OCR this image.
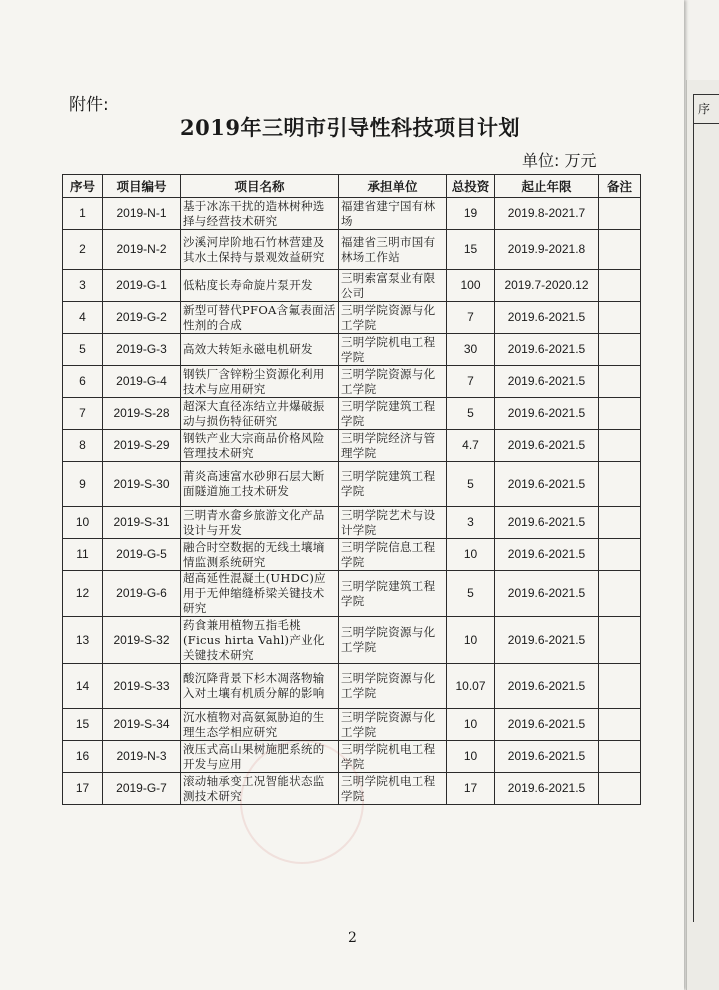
附件:
2019年三明市引导性科技项目计划
单位: 万元
序号	项目编号	项目名称	承担单位	总投资	起止年限	备注
1	2019-N-1	基于冰冻干扰的造林树种选择与经营技术研究	福建省建宁国有林场	19	2019.8-2021.7	
2	2019-N-2	沙溪河岸阶地石竹林营建及其水土保持与景观效益研究	福建省三明市国有林场工作站	15	2019.9-2021.8	
3	2019-G-1	低粘度长寿命旋片泵开发	三明索富泵业有限公司	100	2019.7-2020.12	
4	2019-G-2	新型可替代PFOA含氟表面活性剂的合成	三明学院资源与化工学院	7	2019.6-2021.5	
5	2019-G-3	高效大转矩永磁电机研发	三明学院机电工程学院	30	2019.6-2021.5	
6	2019-G-4	钢铁厂含锌粉尘资源化利用技术与应用研究	三明学院资源与化工学院	7	2019.6-2021.5	
7	2019-S-28	超深大直径冻结立井爆破振动与损伤特征研究	三明学院建筑工程学院	5	2019.6-2021.5	
8	2019-S-29	钢铁产业大宗商品价格风险管理技术研究	三明学院经济与管理学院	4.7	2019.6-2021.5	
9	2019-S-30	莆炎高速富水砂卵石层大断面隧道施工技术研发	三明学院建筑工程学院	5	2019.6-2021.5	
10	2019-S-31	三明青水畲乡旅游文化产品设计与开发	三明学院艺术与设计学院	3	2019.6-2021.5	
11	2019-G-5	融合时空数据的无线土壤墒情监测系统研究	三明学院信息工程学院	10	2019.6-2021.5	
12	2019-G-6	超高延性混凝土(UHDC)应用于无伸缩缝桥梁关键技术研究	三明学院建筑工程学院	5	2019.6-2021.5	
13	2019-S-32	药食兼用植物五指毛桃(Ficus hirta Vahl)产业化关键技术研究	三明学院资源与化工学院	10	2019.6-2021.5	
14	2019-S-33	酸沉降背景下杉木凋落物输入对土壤有机质分解的影响	三明学院资源与化工学院	10.07	2019.6-2021.5	
15	2019-S-34	沉水植物对高氨氮胁迫的生理生态学相应研究	三明学院资源与化工学院	10	2019.6-2021.5	
16	2019-N-3	液压式高山果树施肥系统的开发与应用	三明学院机电工程学院	10	2019.6-2021.5	
17	2019-G-7	滚动轴承变工况智能状态监测技术研究	三明学院机电工程学院	17	2019.6-2021.5	
2
序
